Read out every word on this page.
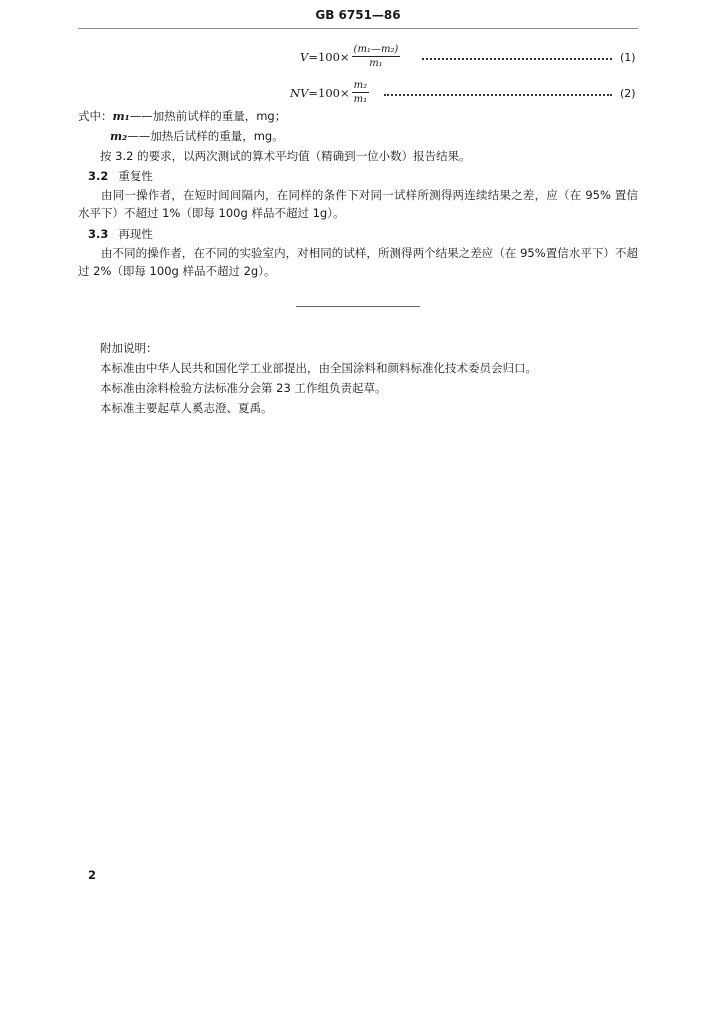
GB 6751—86
$V =100\times \frac{\text{(m₁—m₂)}}{\text{m₁}}$	(1)
NV $=100\times \frac{\text{m₂}}{\text{m₁}}$	(2)
式中：m₁——加热前试样的重量，mg；
m₂——加热后试样的重量，mg。
按 3.2 的要求，以两次测试的算术平均值（精确到一位小数）报告结果。
3.2 重复性
由同一操作者，在短时间间隔内，在同样的条件下对同一试样所测得两连续结果之差，应（在 95% 置信水平下）不超过 1%（即每 100g 样品不超过 1g）。
3.3 再现性
由不同的操作者，在不同的实验室内，对相同的试样，所测得两个结果之差应（在 95%置信水平下）不超过 2%（即每 100g 样品不超过 2g）。
附加说明：
本标准由中华人民共和国化学工业部提出，由全国涂料和颜料标准化技术委员会归口。
本标准由涂料检验方法标准分会第 23 工作组负责起草。
本标准主要起草人奚志澄、夏禹。
2
